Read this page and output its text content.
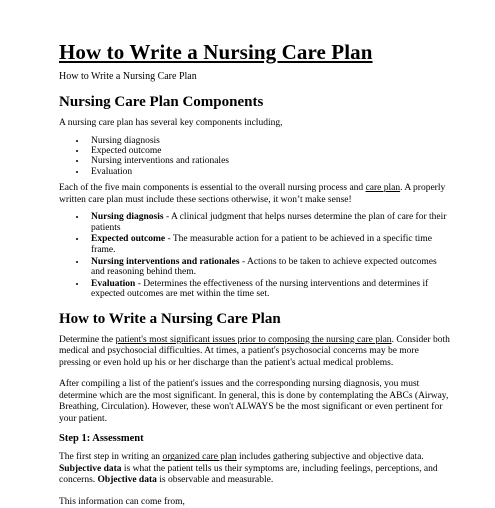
How to Write a Nursing Care Plan
How to Write a Nursing Care Plan
Nursing Care Plan Components

A nursing care plan has several key components including,

• Nursing diagnosis
• Expected outcome
• Nursing interventions and rationales
• Evaluation

Each of the five main components is essential to the overall nursing process and care plan. A properly written care plan must include these sections otherwise, it won’t make sense!

• Nursing diagnosis - A clinical judgment that helps nurses determine the plan of care for their patients
• Expected outcome - The measurable action for a patient to be achieved in a specific time frame.
• Nursing interventions and rationales - Actions to be taken to achieve expected outcomes and reasoning behind them.
• Evaluation - Determines the effectiveness of the nursing interventions and determines if expected outcomes are met within the time set.
How to Write a Nursing Care Plan

Determine the patient's most significant issues prior to composing the nursing care plan. Consider both medical and psychosocial difficulties. At times, a patient's psychosocial concerns may be more pressing or even hold up his or her discharge than the patient's actual medical problems.

After compiling a list of the patient's issues and the corresponding nursing diagnosis, you must determine which are the most significant. In general, this is done by contemplating the ABCs (Airway, Breathing, Circulation). However, these won't ALWAYS be the most significant or even pertinent for your patient.

Step 1: Assessment

The first step in writing an organized care plan includes gathering subjective and objective data. Subjective data is what the patient tells us their symptoms are, including feelings, perceptions, and concerns. Objective data is observable and measurable.

This information can come from,
